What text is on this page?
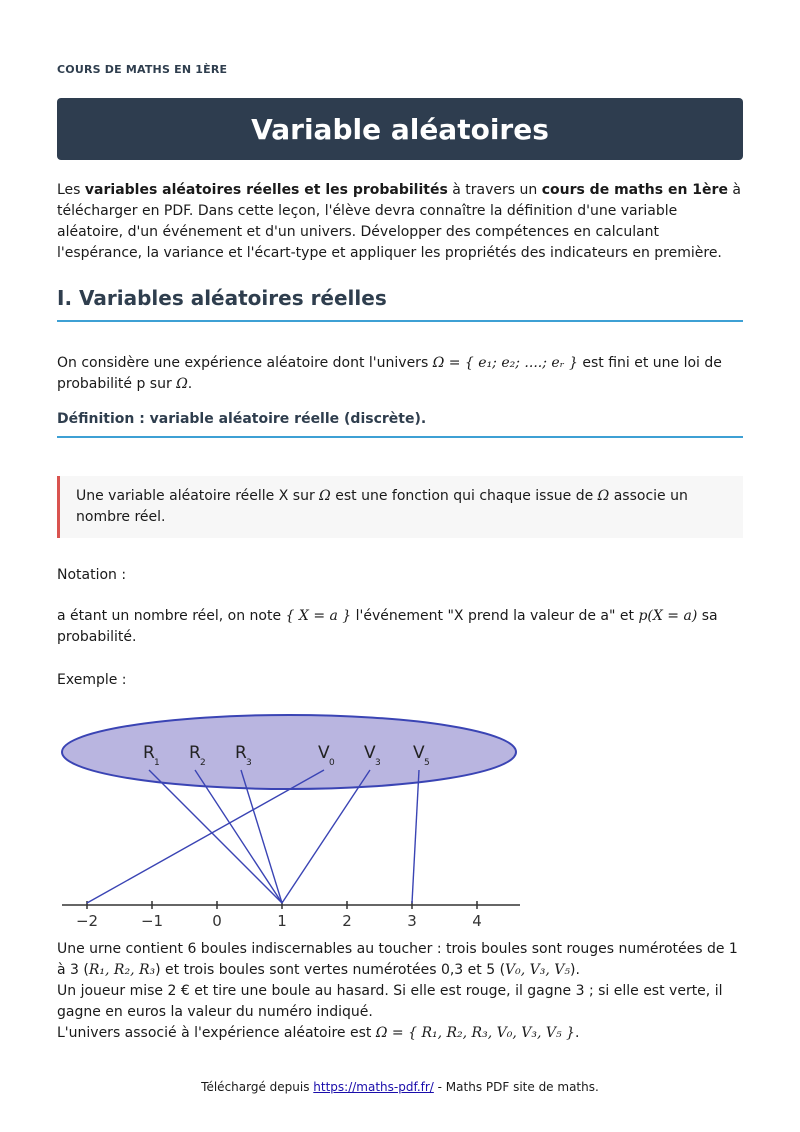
COURS DE MATHS EN 1ÈRE
Variable aléatoires

Les variables aléatoires réelles et les probabilités à travers un cours de maths en 1ère à télécharger en PDF. Dans cette leçon, l'élève devra connaître la définition d'une variable aléatoire, d'un événement et d'un univers. Développer des compétences en calculant l'espérance, la variance et l'écart-type et appliquer les propriétés des indicateurs en première.

I. Variables aléatoires réelles

On considère une expérience aléatoire dont l'univers Ω = { e₁; e₂; ....; eᵣ } est fini et une loi de probabilité p sur Ω.

Définition : variable aléatoire réelle (discrète).

Une variable aléatoire réelle X sur Ω est une fonction qui chaque issue de Ω associe un nombre réel.

Notation :

a étant un nombre réel, on note { X = a } l'événement "X prend la valeur de a" et p(X = a) sa probabilité.

Exemple :

−2	−1	0	1	2	3	4
R 1 R 2 R 3	V 0 V 3 V 5

Une urne contient 6 boules indiscernables au toucher : trois boules sont rouges numérotées de 1 à 3 (R₁, R₂, R₃) et trois boules sont vertes numérotées 0,3 et 5 (V₀, V₃, V₅).

Un joueur mise 2 € et tire une boule au hasard. Si elle est rouge, il gagne 3 ; si elle est verte, il gagne en euros la valeur du numéro indiqué.

L'univers associé à l'expérience aléatoire est Ω = { R₁, R₂, R₃, V₀, V₃, V₅ }.

Téléchargé depuis https://maths-pdf.fr/ - Maths PDF site de maths.
